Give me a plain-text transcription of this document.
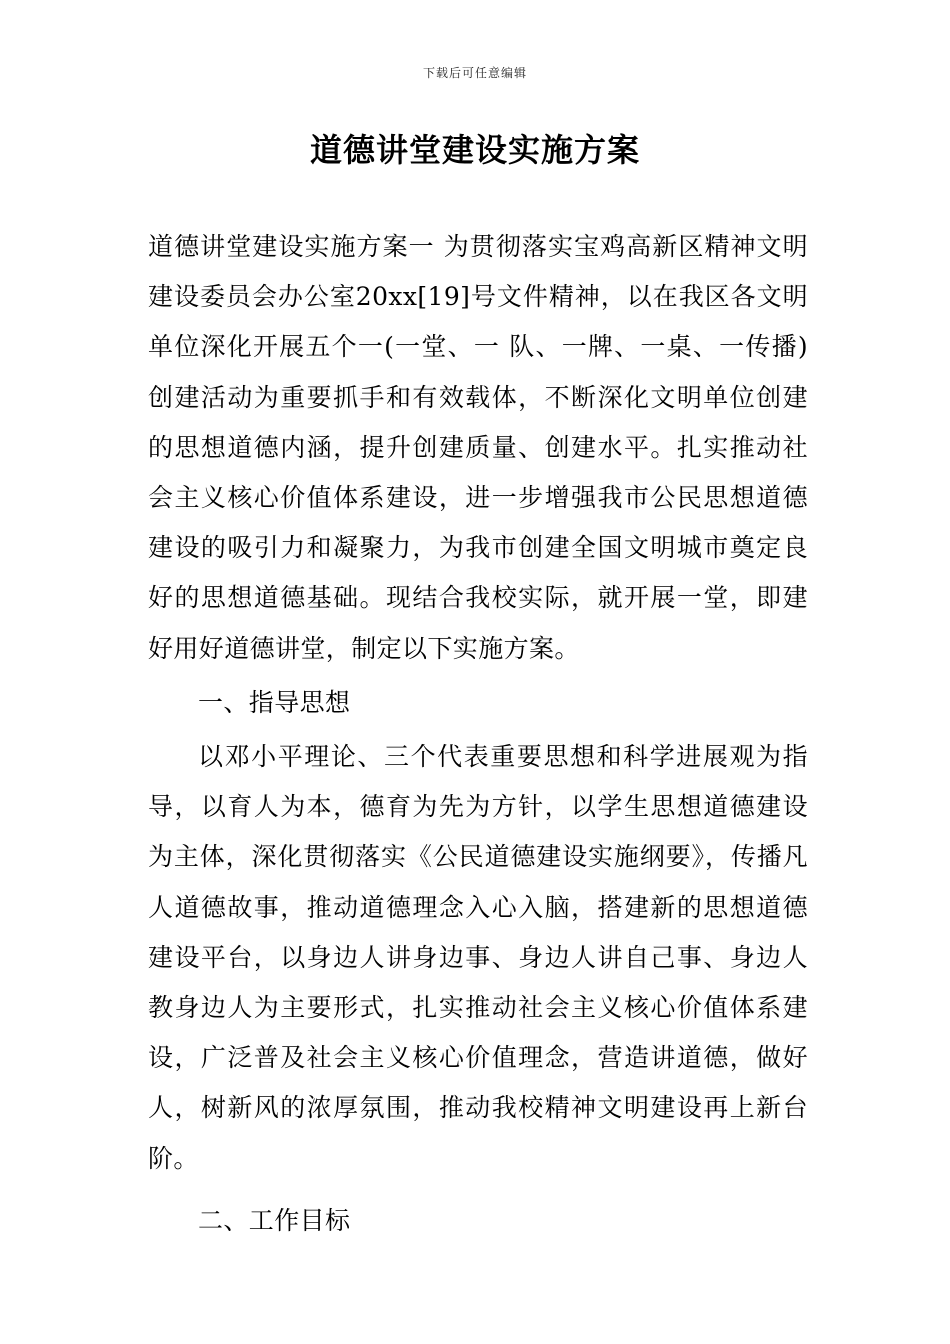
下载后可任意编辑
道德讲堂建设实施方案

道德讲堂建设实施方案一 为贯彻落实宝鸡高新区精神文明建设委员会办公室20xx[19]号文件精神，以在我区各文明单位深化开展五个一(一堂、一 队、一牌、一桌、一传播)创建活动为重要抓手和有效载体，不断深化文明单位创建的思想道德内涵，提升创建质量、创建水平。扎实推动社会主义核心价值体系建设，进一步增强我市公民思想道德建设的吸引力和凝聚力，为我市创建全国文明城市奠定良好的思想道德基础。现结合我校实际，就开展一堂，即建好用好道德讲堂，制定以下实施方案。

一、指导思想

以邓小平理论、三个代表重要思想和科学进展观为指导，以育人为本，德育为先为方针，以学生思想道德建设为主体，深化贯彻落实《公民道德建设实施纲要》，传播凡人道德故事，推动道德理念入心入脑，搭建新的思想道德建设平台，以身边人讲身边事、身边人讲自己事、身边人教身边人为主要形式，扎实推动社会主义核心价值体系建设，广泛普及社会主义核心价值理念，营造讲道德，做好人，树新风的浓厚氛围，推动我校精神文明建设再上新台阶。

二、工作目标
